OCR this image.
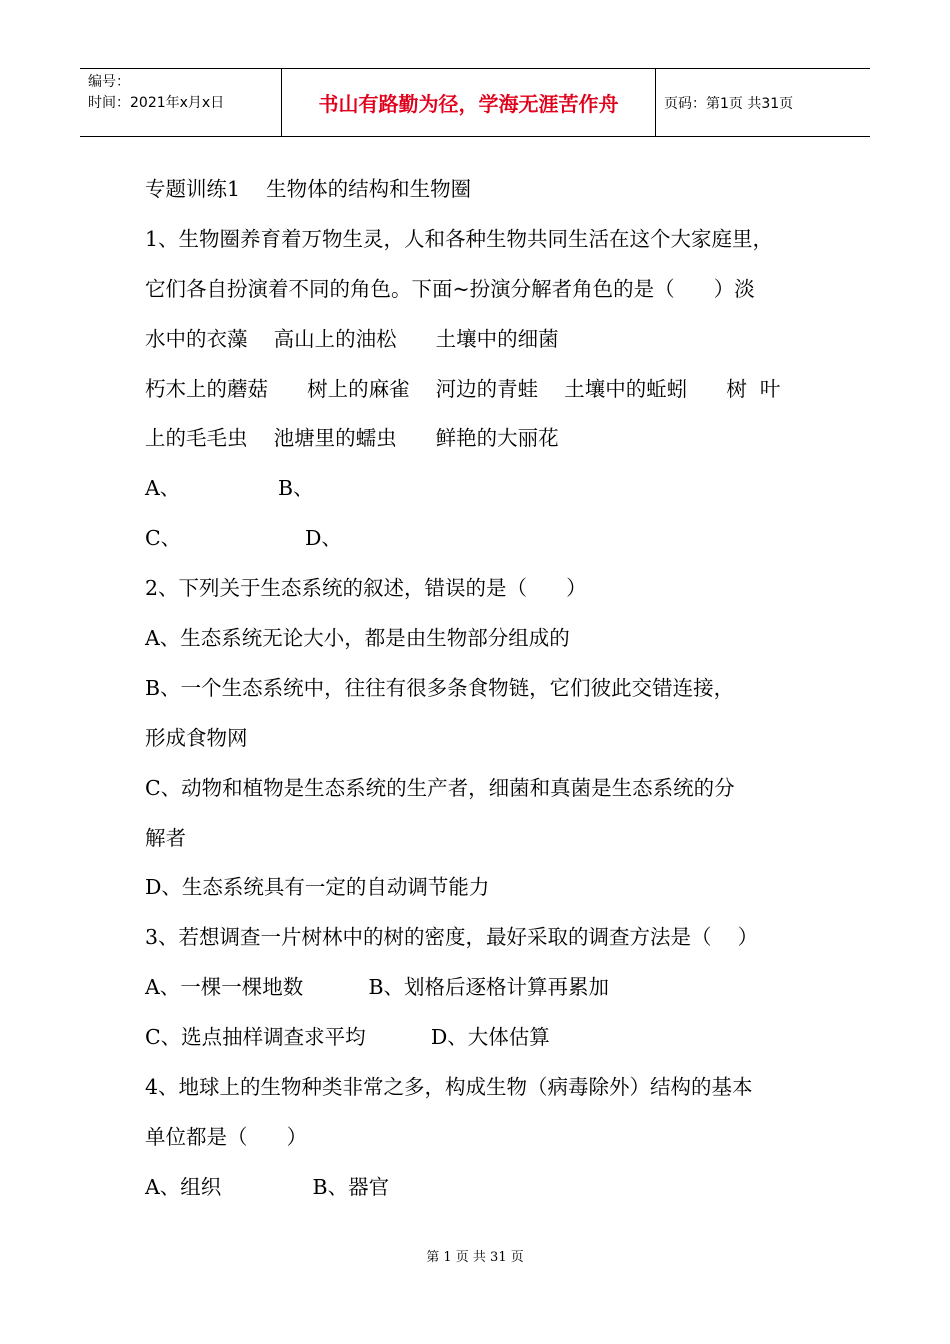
编号：
时间：2021年x月x日	书山有路勤为径，学海无涯苦作舟	页码：第1页 共31页
专题训练1    生物体的结构和生物圈
1、生物圈养育着万物生灵，人和各种生物共同生活在这个大家庭里，
它们各自扮演着不同的角色。下面~扮演分解者角色的是（      ）淡
水中的衣藻    高山上的油松      土壤中的细菌
朽木上的蘑菇      树上的麻雀    河边的青蛙    土壤中的蚯蚓      树  叶
上的毛毛虫    池塘里的蠕虫      鲜艳的大丽花
A、               B、
C、                   D、
2、下列关于生态系统的叙述，错误的是（      ）
A、生态系统无论大小，都是由生物部分组成的
B、一个生态系统中，往往有很多条食物链，它们彼此交错连接，
形成食物网
C、动物和植物是生态系统的生产者，细菌和真菌是生态系统的分
解者
D、生态系统具有一定的自动调节能力
3、若想调查一片树林中的树的密度，最好采取的调查方法是（    ）
A、一棵一棵地数          B、划格后逐格计算再累加
C、选点抽样调查求平均          D、大体估算
4、地球上的生物种类非常之多，构成生物（病毒除外）结构的基本
单位都是（      ）
A、组织              B、器官
第 1 页 共 31 页
